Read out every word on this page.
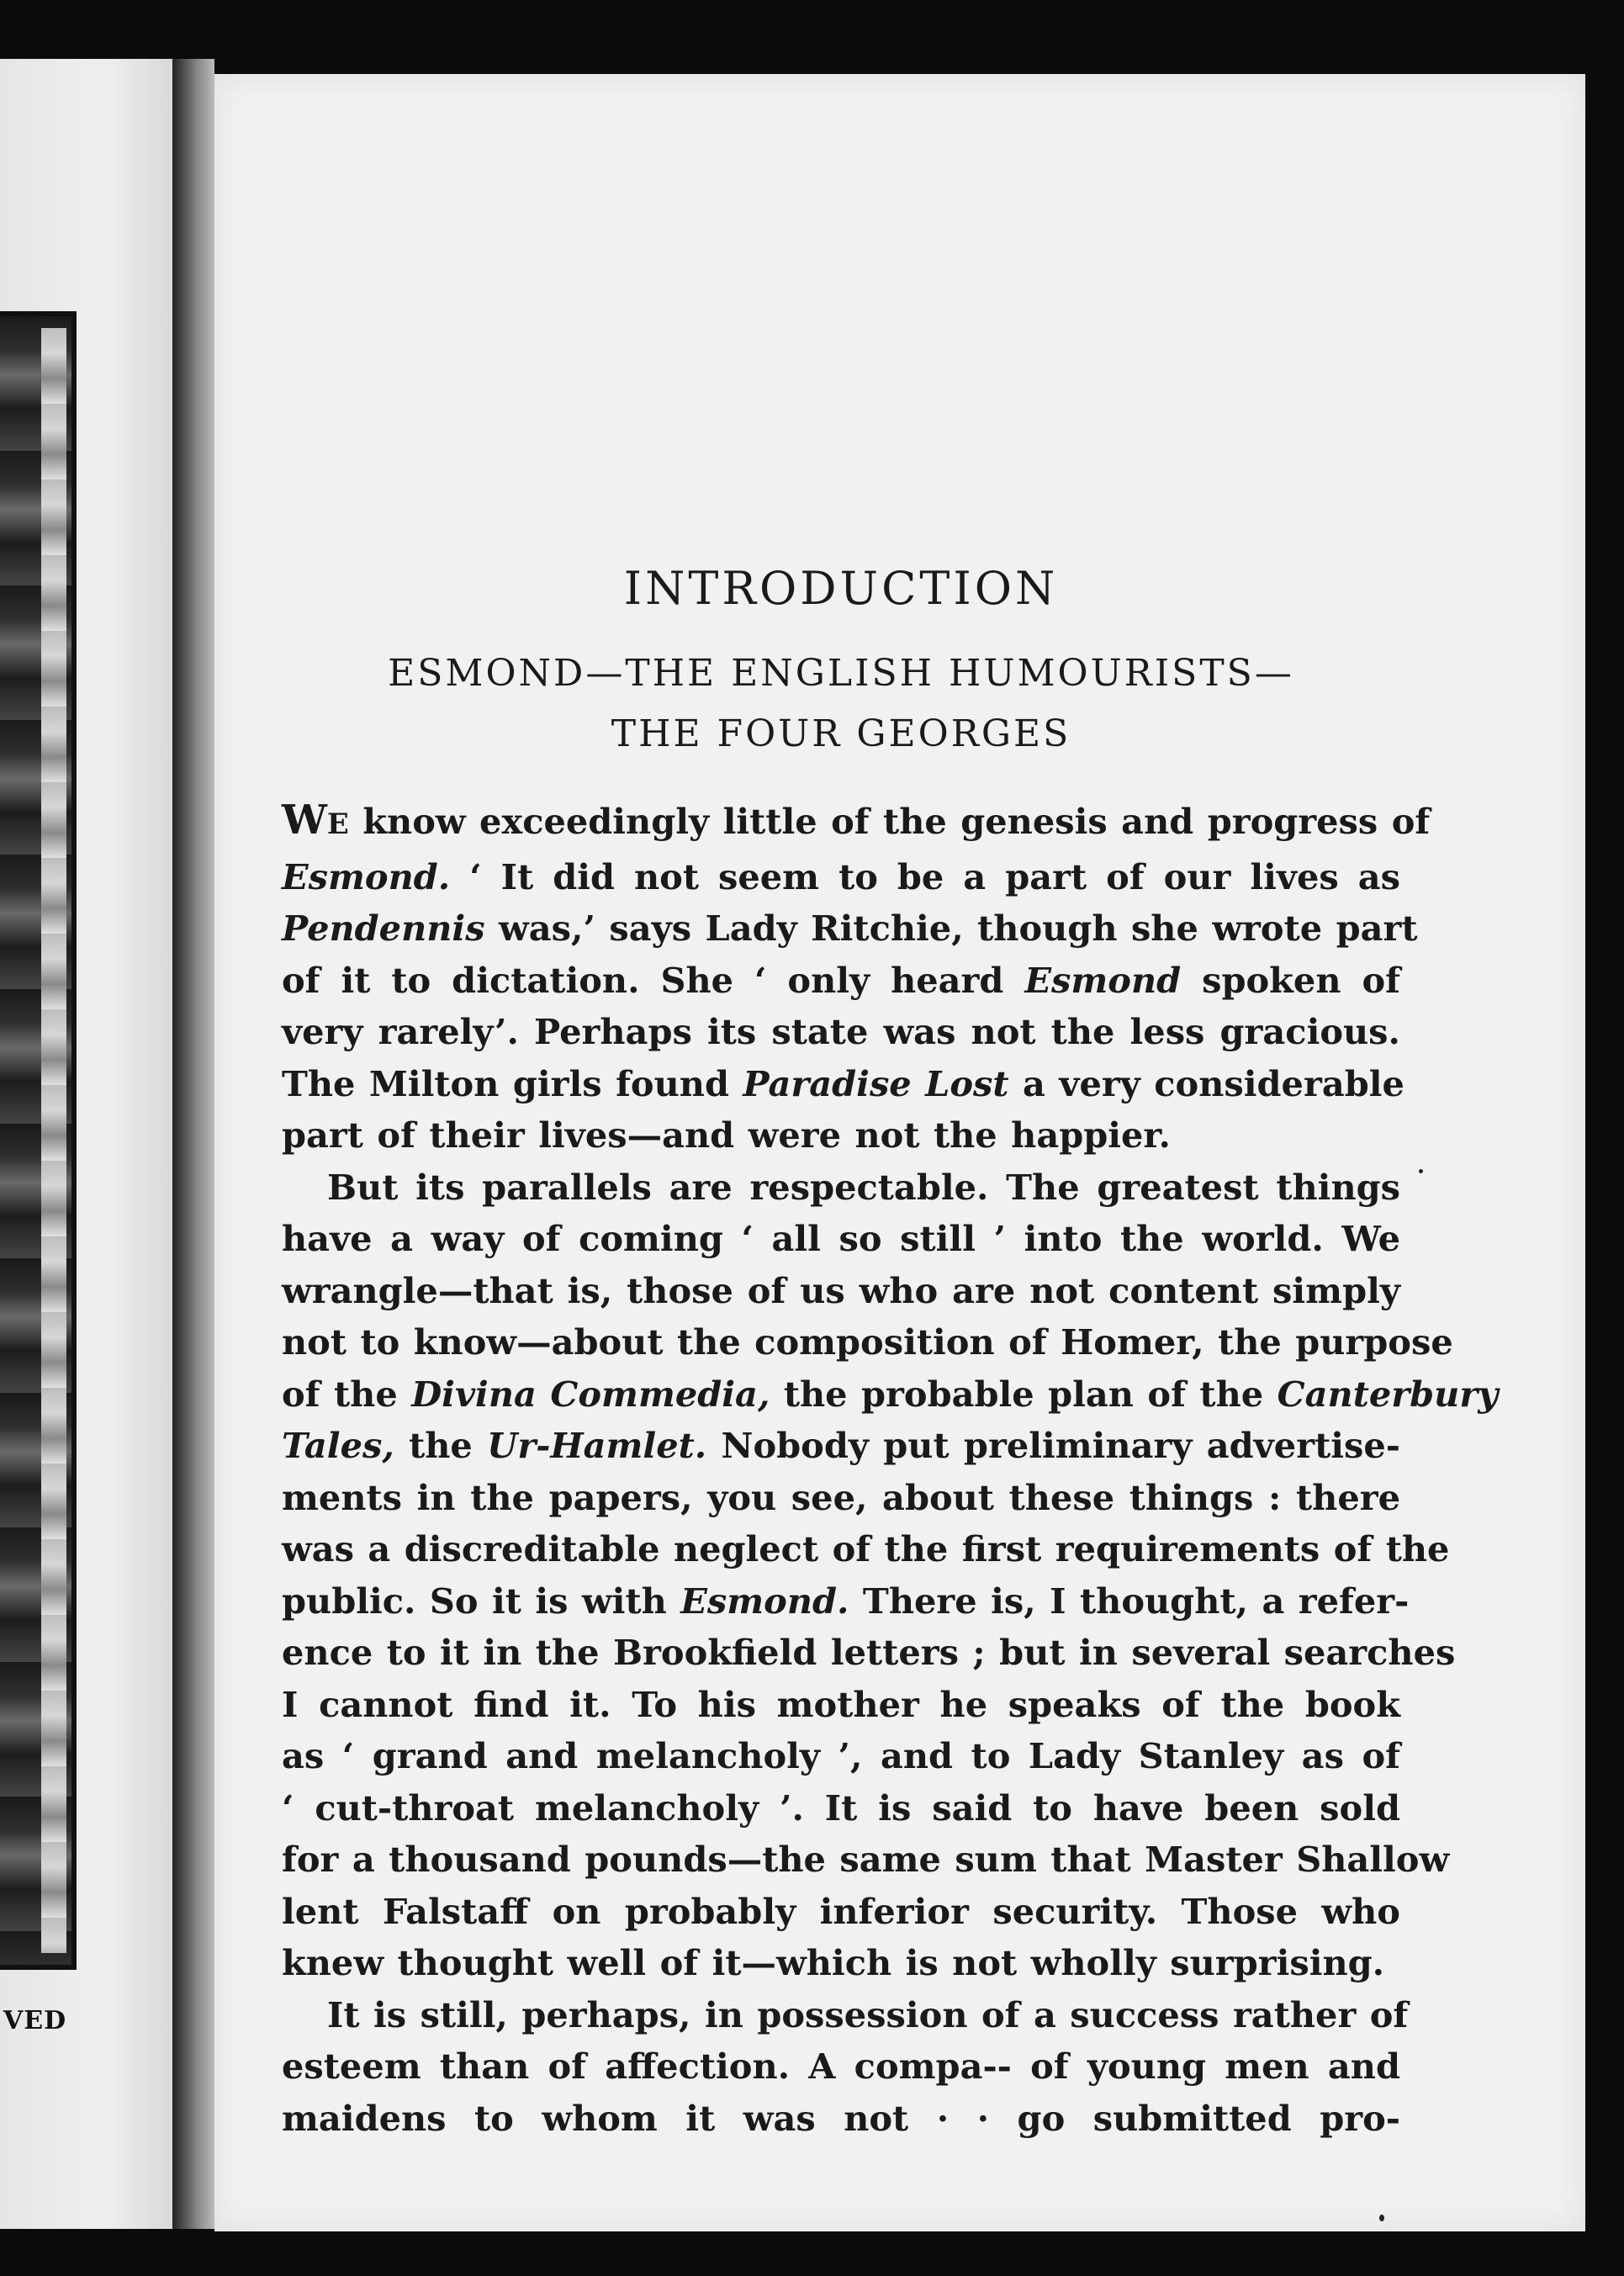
VED
INTRODUCTION
ESMOND—THE ENGLISH HUMOURISTS—
THE FOUR GEORGES
WE know exceedingly little of the genesis and progress of
Esmond. ‘ It did not seem to be a part of our lives as
Pendennis was,’ says Lady Ritchie, though she wrote part
of it to dictation. She ‘ only heard Esmond spoken of
very rarely’. Perhaps its state was not the less gracious.
The Milton girls found Paradise Lost a very considerable
part of their lives—and were not the happier.
But its parallels are respectable. The greatest things
have a way of coming ‘ all so still ’ into the world. We
wrangle—that is, those of us who are not content simply
not to know—about the composition of Homer, the purpose
of the Divina Commedia, the probable plan of the Canterbury
Tales, the Ur-Hamlet. Nobody put preliminary advertise-
ments in the papers, you see, about these things : there
was a discreditable neglect of the first requirements of the
public. So it is with Esmond. There is, I thought, a refer-
ence to it in the Brookfield letters ; but in several searches
I cannot find it. To his mother he speaks of the book
as ‘ grand and melancholy ’, and to Lady Stanley as of
‘ cut-throat melancholy ’. It is said to have been sold
for a thousand pounds—the same sum that Master Shallow
lent Falstaff on probably inferior security. Those who
knew thought well of it—which is not wholly surprising.
It is still, perhaps, in possession of a success rather of
esteem than of affection. A compa‑‑ of young men and
maidens to whom it was not · · go submitted pro-
